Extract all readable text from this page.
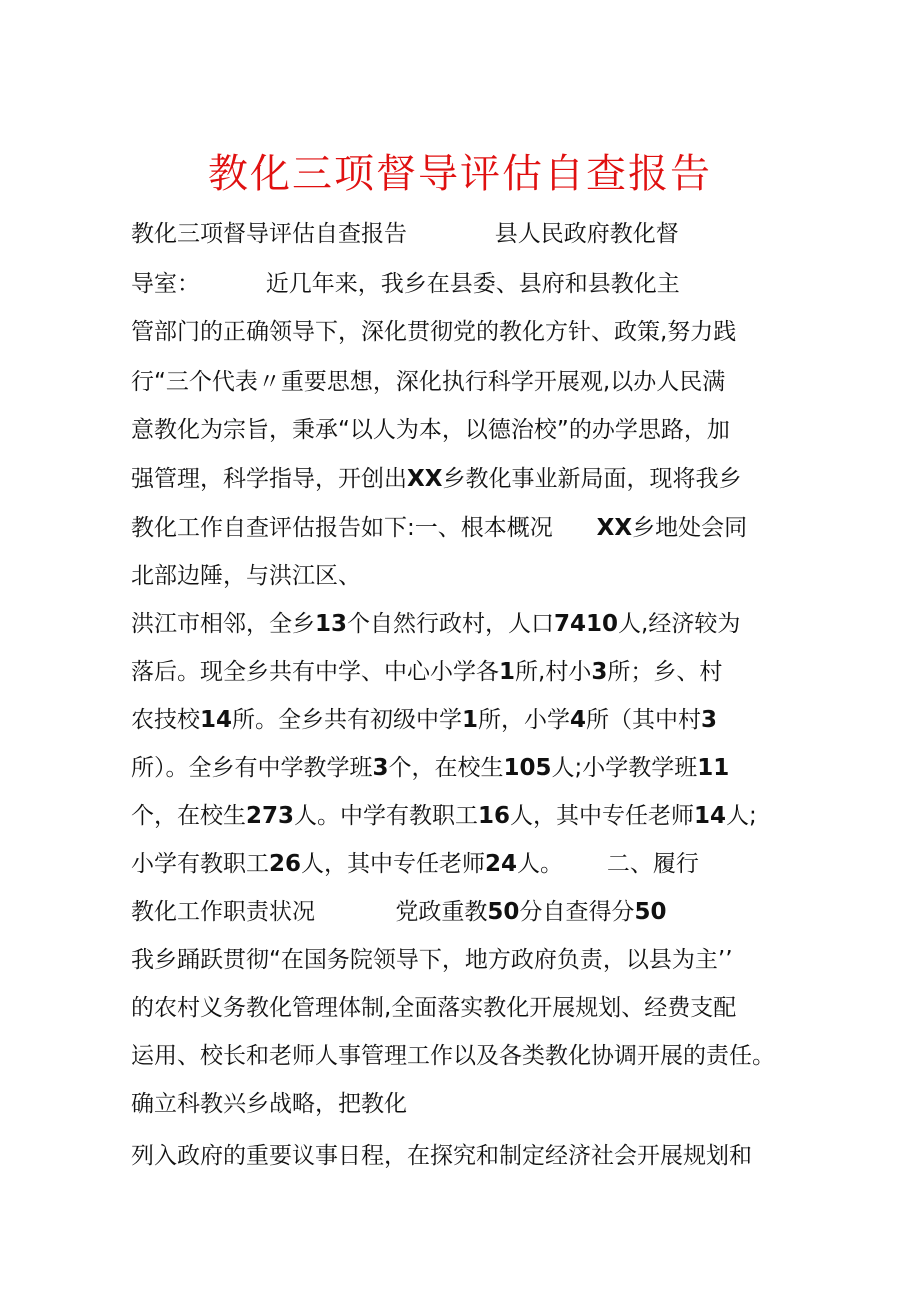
教化三项督导评估自查报告

教化三项督导评估自查报告            县人民政府教化督

导室：         近几年来，我乡在县委、县府和县教化主

管部门的正确领导下，深化贯彻党的教化方针、政策,努力践

行“三个代表〃重要思想，深化执行科学开展观,以办人民满

意教化为宗旨，秉承“以人为本，以德治校”的办学思路，加

强管理，科学指导，开创出XX乡教化事业新局面，现将我乡

教化工作自查评估报告如下:一、根本概况      XX乡地处会同

北部边陲，与洪江区、

洪江市相邻，全乡13个自然行政村，人口7410人,经济较为

落后。现全乡共有中学、中心小学各1所,村小3所；乡、村

农技校14所。全乡共有初级中学1所，小学4所（其中村3

所）。全乡有中学教学班3个，在校生105人;小学教学班11

个，在校生273人。中学有教职工16人，其中专任老师14人;

小学有教职工26人，其中专任老师24人。      二、履行

教化工作职责状况           党政重教50分自查得分50

我乡踊跃贯彻“在国务院领导下，地方政府负责，以县为主’’

的农村义务教化管理体制,全面落实教化开展规划、经费支配

运用、校长和老师人事管理工作以及各类教化协调开展的责任。

确立科教兴乡战略，把教化

列入政府的重要议事日程，在探究和制定经济社会开展规划和
